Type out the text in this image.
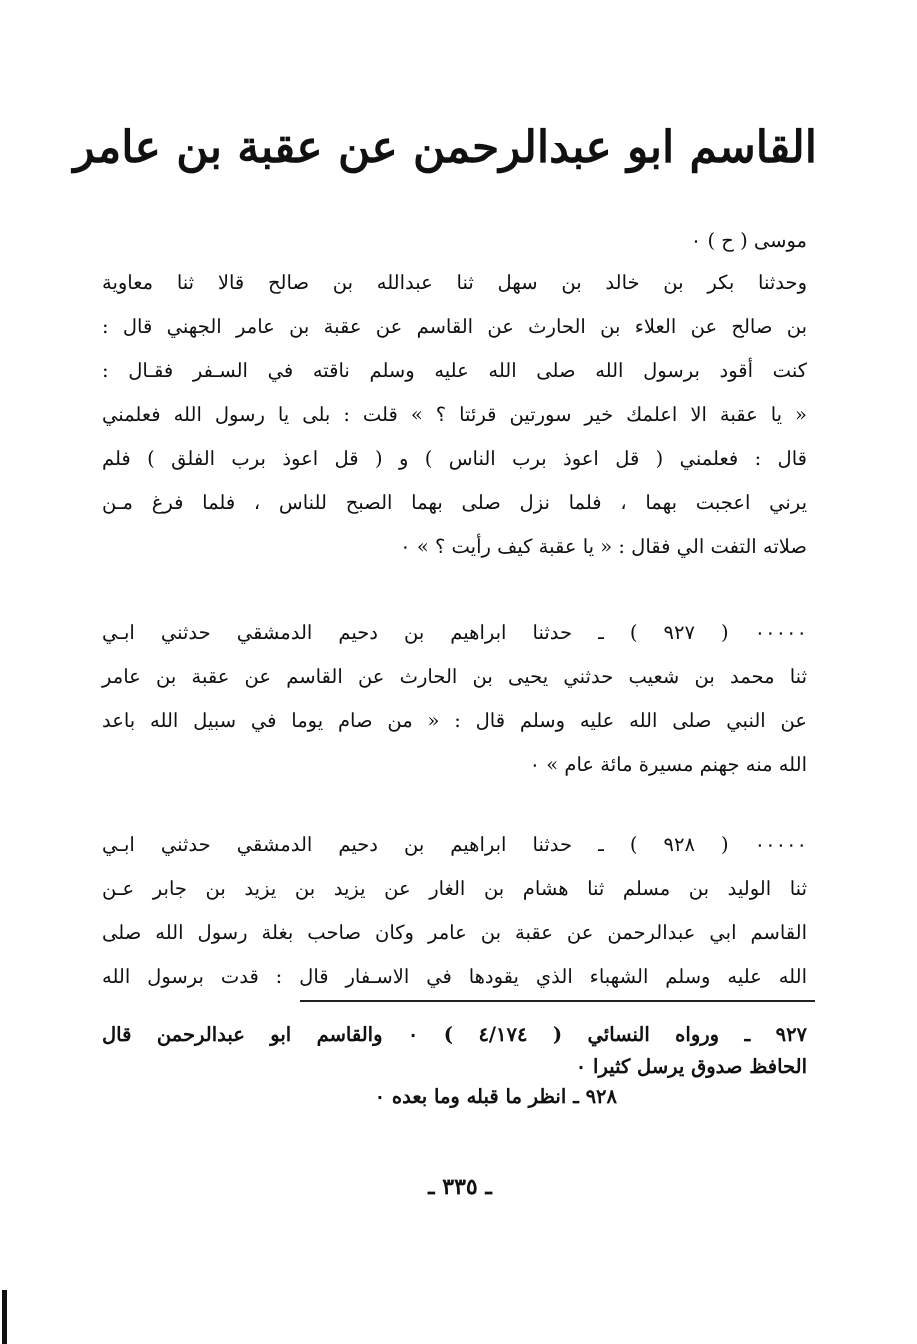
القاسم ابو عبدالرحمن عن عقبة بن عامر
موسى ( ح ) ٠
وحدثنا بكر بن خالد بن سهل ثنا عبدالله بن صالح قالا ثنا معاوية
بن صالح عن العلاء بن الحارث عن القاسم عن عقبة بن عامر الجهني قال :
كنت أقود برسول الله صلى الله عليه وسلم ناقته في السـفر فقـال :
« يا عقبة الا اعلمك خير سورتين قرئتا ؟ » قلت : بلى يا رسول الله فعلمني
قال : فعلمني ( قل اعوذ برب الناس ) و ( قل اعوذ برب الفلق ) فلم
يرني اعجبت بهما ، فلما نزل صلى بهما الصبح للناس ، فلما فرغ مـن
صلاته التفت الي فقال : « يا عقبة كيف رأيت ؟ » ٠
٠٠٠٠٠ ( ٩٢٧ ) ـ حدثنا ابراهيم بن دحيم الدمشقي حدثني ابـي
ثنا محمد بن شعيب حدثني يحيى بن الحارث عن القاسم عن عقبة بن عامر
عن النبي صلى الله عليه وسلم قال : « من صام يوما في سبيل الله باعد
الله منه جهنم مسيرة مائة عام » ٠
٠٠٠٠٠ ( ٩٢٨ ) ـ حدثنا ابراهيم بن دحيم الدمشقي حدثني ابـي
ثنا الوليد بن مسلم ثنا هشام بن الغار عن يزيد بن يزيد بن جابر عـن
القاسم ابي عبدالرحمن عن عقبة بن عامر وكان صاحب بغلة رسول الله صلى
الله عليه وسلم الشهباء الذي يقودها في الاسـفار قال : قدت برسول الله
٩٢٧ ـ ورواه النسائي ( ٤/١٧٤ ) ٠ والقاسم ابو عبدالرحمن قال
الحافظ صدوق يرسل كثيرا ٠
٩٢٨ ـ انظر ما قبله وما بعده ٠
ـ ٣٣٥ ـ
